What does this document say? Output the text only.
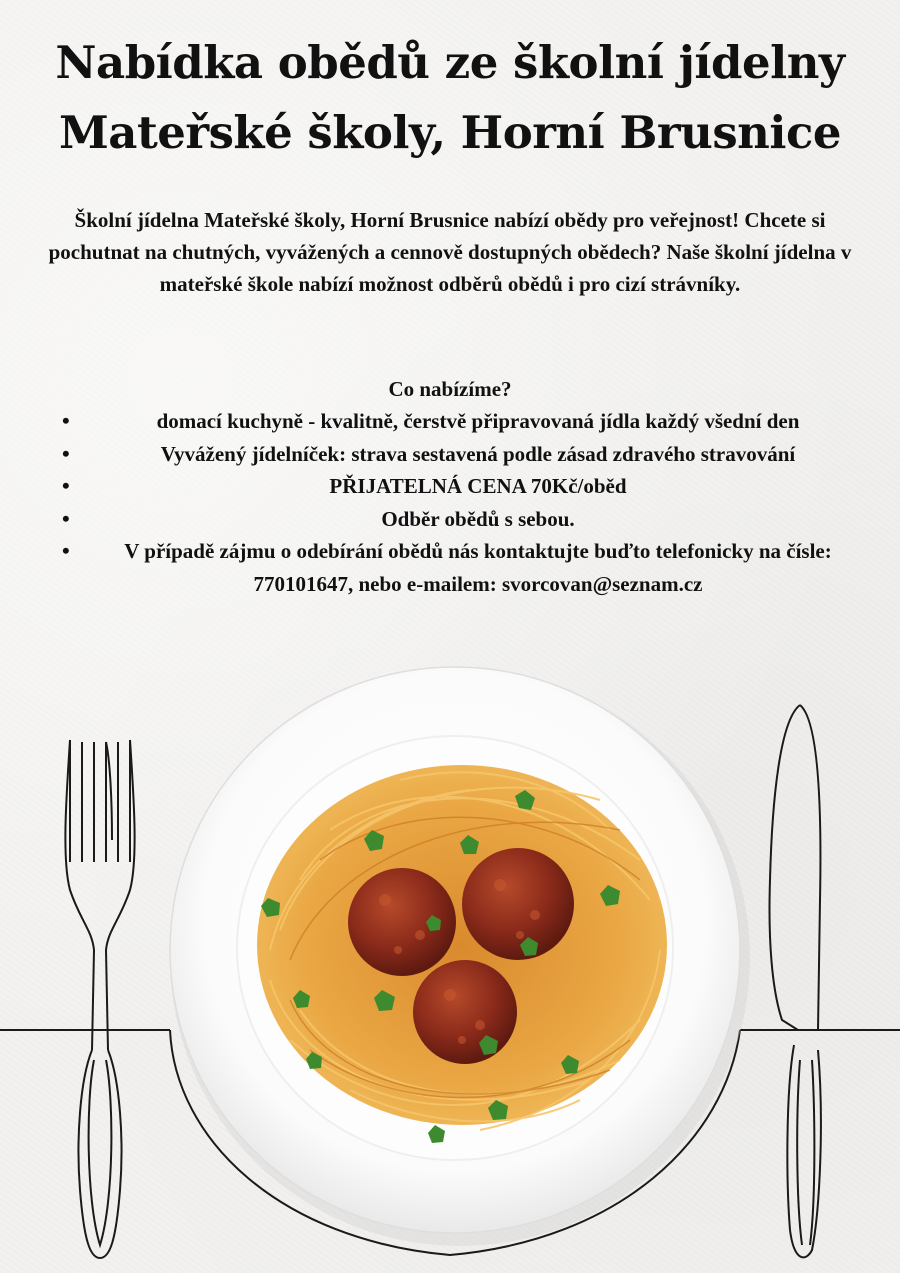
Nabídka obědů ze školní jídelny
Mateřské školy, Horní Brusnice

Školní jídelna Mateřské školy, Horní Brusnice nabízí obědy pro veřejnost! Chcete si pochutnat na chutných, vyvážených a cennově dostupných obědech? Naše školní jídelna v mateřské škole nabízí možnost odběrů obědů i pro cizí strávníky.

Co nabízíme?

•	domací kuchyně - kvalitně, čerstvě připravovaná jídla každý všední den
•	Vyvážený jídelníček: strava sestavená podle zásad zdravého stravování
•	PŘIJATELNÁ CENA 70Kč/oběd
•	Odběr obědů s sebou.
•	V případě zájmu o odebírání obědů nás kontaktujte buďto telefonicky na čísle: 770101647, nebo e-mailem: svorcovan@seznam.cz
